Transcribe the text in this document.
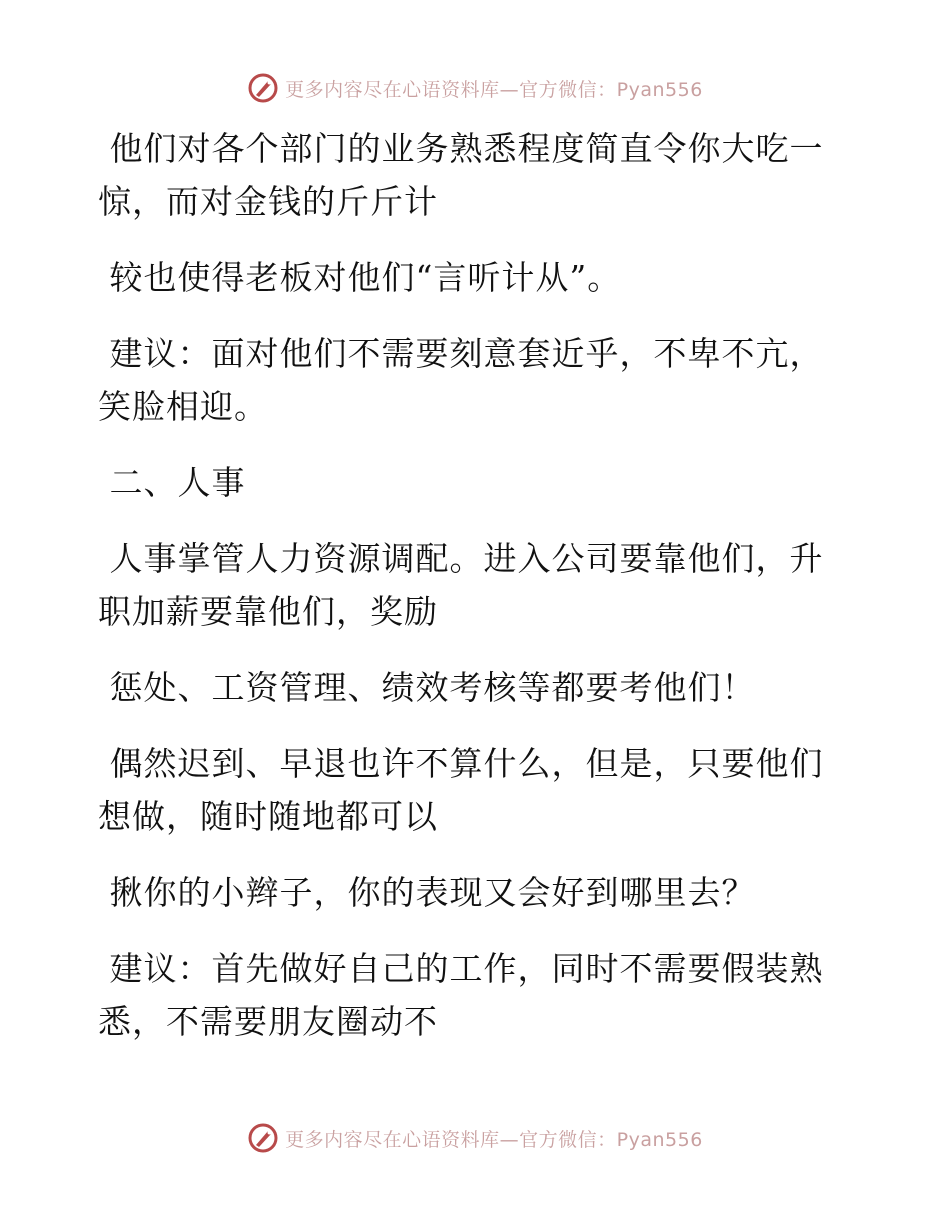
更多内容尽在心语资料库—官方微信：Pyan556

他们对各个部门的业务熟悉程度简直令你大吃一惊，而对金钱的斤斤计

较也使得老板对他们“言听计从”。

建议：面对他们不需要刻意套近乎，不卑不亢，笑脸相迎。

二、人事

人事掌管人力资源调配。进入公司要靠他们，升职加薪要靠他们，奖励

惩处、工资管理、绩效考核等都要考他们！

偶然迟到、早退也许不算什么，但是，只要他们想做，随时随地都可以

揪你的小辫子，你的表现又会好到哪里去？

建议：首先做好自己的工作，同时不需要假装熟悉，不需要朋友圈动不

更多内容尽在心语资料库—官方微信：Pyan556
